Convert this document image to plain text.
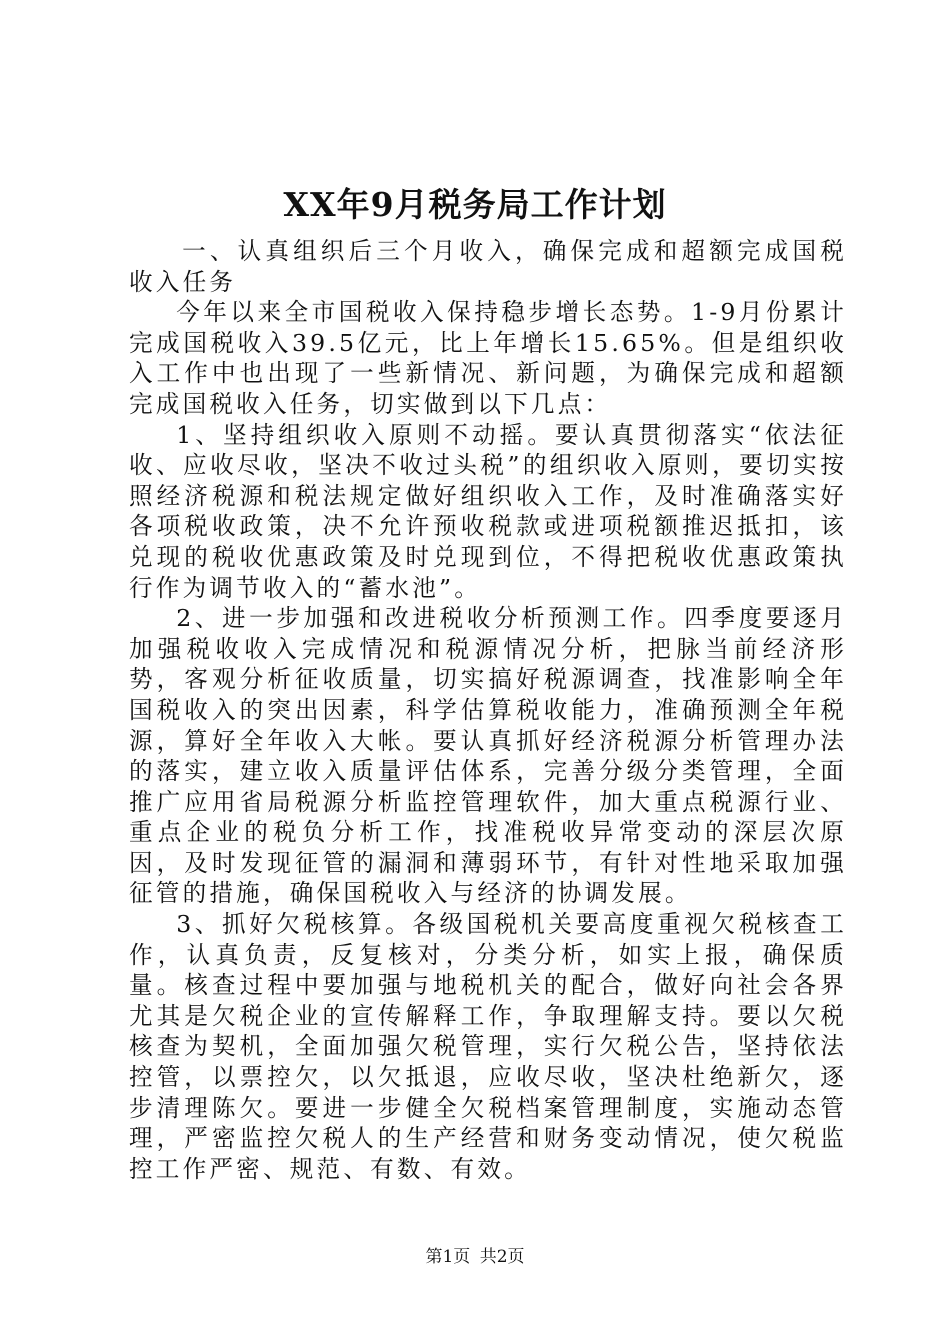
XX年9月税务局工作计划

一、认真组织后三个月收入，确保完成和超额完成国税收入任务

今年以来全市国税收入保持稳步增长态势。1-9月份累计完成国税收入39.5亿元，比上年增长15.65%。但是组织收入工作中也出现了一些新情况、新问题，为确保完成和超额完成国税收入任务，切实做到以下几点：

1、坚持组织收入原则不动摇。要认真贯彻落实“依法征收、应收尽收，坚决不收过头税”的组织收入原则，要切实按照经济税源和税法规定做好组织收入工作，及时准确落实好各项税收政策，决不允许预收税款或进项税额推迟抵扣，该兑现的税收优惠政策及时兑现到位，不得把税收优惠政策执行作为调节收入的“蓄水池”。

2、进一步加强和改进税收分析预测工作。四季度要逐月加强税收收入完成情况和税源情况分析，把脉当前经济形势，客观分析征收质量，切实搞好税源调查，找准影响全年国税收入的突出因素，科学估算税收能力，准确预测全年税源，算好全年收入大帐。要认真抓好经济税源分析管理办法的落实，建立收入质量评估体系，完善分级分类管理，全面推广应用省局税源分析监控管理软件，加大重点税源行业、重点企业的税负分析工作，找准税收异常变动的深层次原因，及时发现征管的漏洞和薄弱环节，有针对性地采取加强征管的措施，确保国税收入与经济的协调发展。

3、抓好欠税核算。各级国税机关要高度重视欠税核查工作，认真负责，反复核对，分类分析，如实上报，确保质量。核查过程中要加强与地税机关的配合，做好向社会各界尤其是欠税企业的宣传解释工作，争取理解支持。要以欠税核查为契机，全面加强欠税管理，实行欠税公告，坚持依法控管，以票控欠，以欠抵退，应收尽收，坚决杜绝新欠，逐步清理陈欠。要进一步健全欠税档案管理制度，实施动态管理，严密监控欠税人的生产经营和财务变动情况，使欠税监控工作严密、规范、有数、有效。

第1页 共2页
